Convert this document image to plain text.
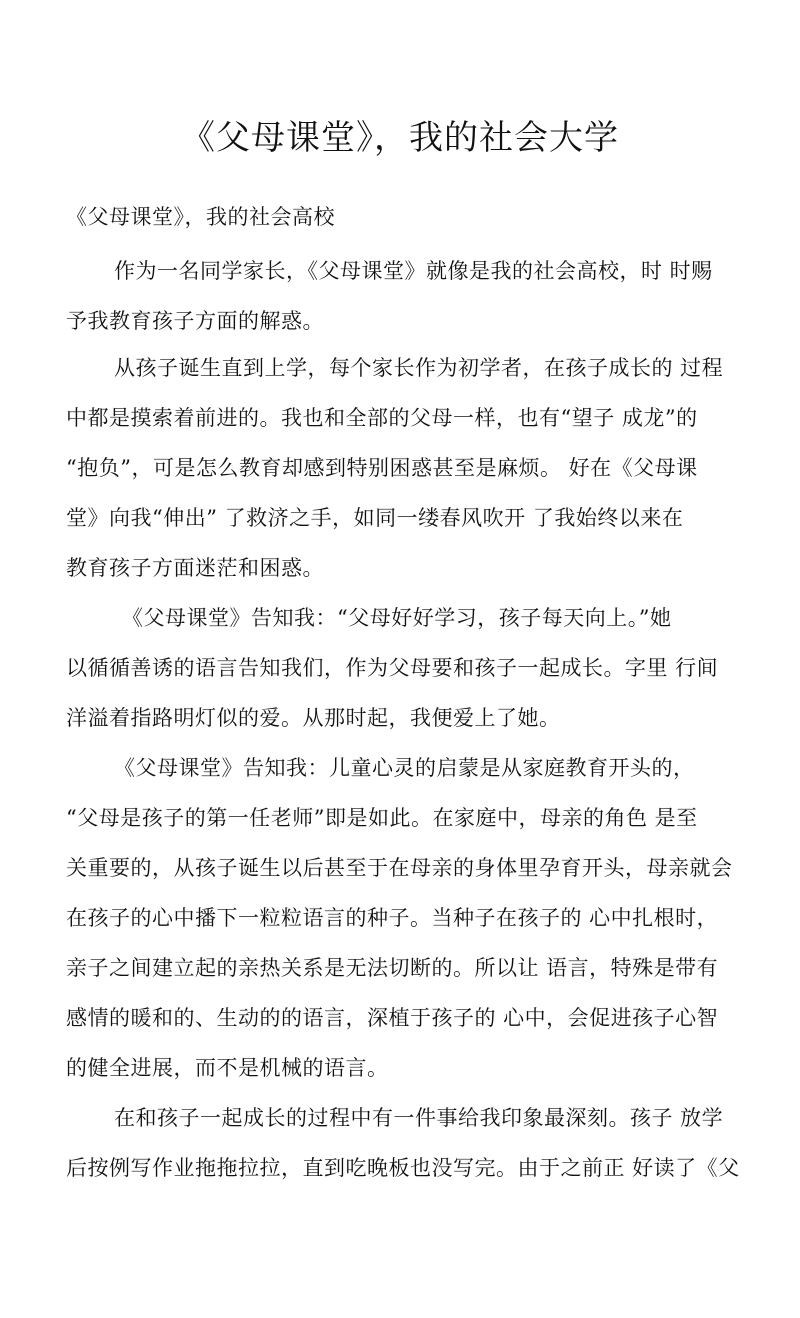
《父母课堂》，我的社会大学

《父母课堂》，我的社会高校

作为一名同学家长，《父母课堂》就像是我的社会高校，时 时赐

予我教育孩子方面的解惑。

从孩子诞生直到上学，每个家长作为初学者，在孩子成长的 过程

中都是摸索着前进的。我也和全部的父母一样，也有“望子 成龙”的

“抱负”，可是怎么教育却感到特别困惑甚至是麻烦。 好在《父母课

堂》向我“伸出” 了救济之手，如同一缕春风吹开 了我始终以来在

教育孩子方面迷茫和困惑。

《父母课堂》告知我：“父母好好学习，孩子每天向上。”她

以循循善诱的语言告知我们，作为父母要和孩子一起成长。字里 行间

洋溢着指路明灯似的爱。从那时起，我便爱上了她。

《父母课堂》告知我：儿童心灵的启蒙是从家庭教育开头的，

“父母是孩子的第一任老师”即是如此。在家庭中，母亲的角色 是至

关重要的，从孩子诞生以后甚至于在母亲的身体里孕育开头，母亲就会

在孩子的心中播下一粒粒语言的种子。当种子在孩子的 心中扎根时，

亲子之间建立起的亲热关系是无法切断的。所以让 语言，特殊是带有

感情的暖和的、生动的的语言，深植于孩子的 心中，会促进孩子心智

的健全进展，而不是机械的语言。

在和孩子一起成长的过程中有一件事给我印象最深刻。孩子 放学

后按例写作业拖拖拉拉，直到吃晚板也没写完。由于之前正 好读了《父
